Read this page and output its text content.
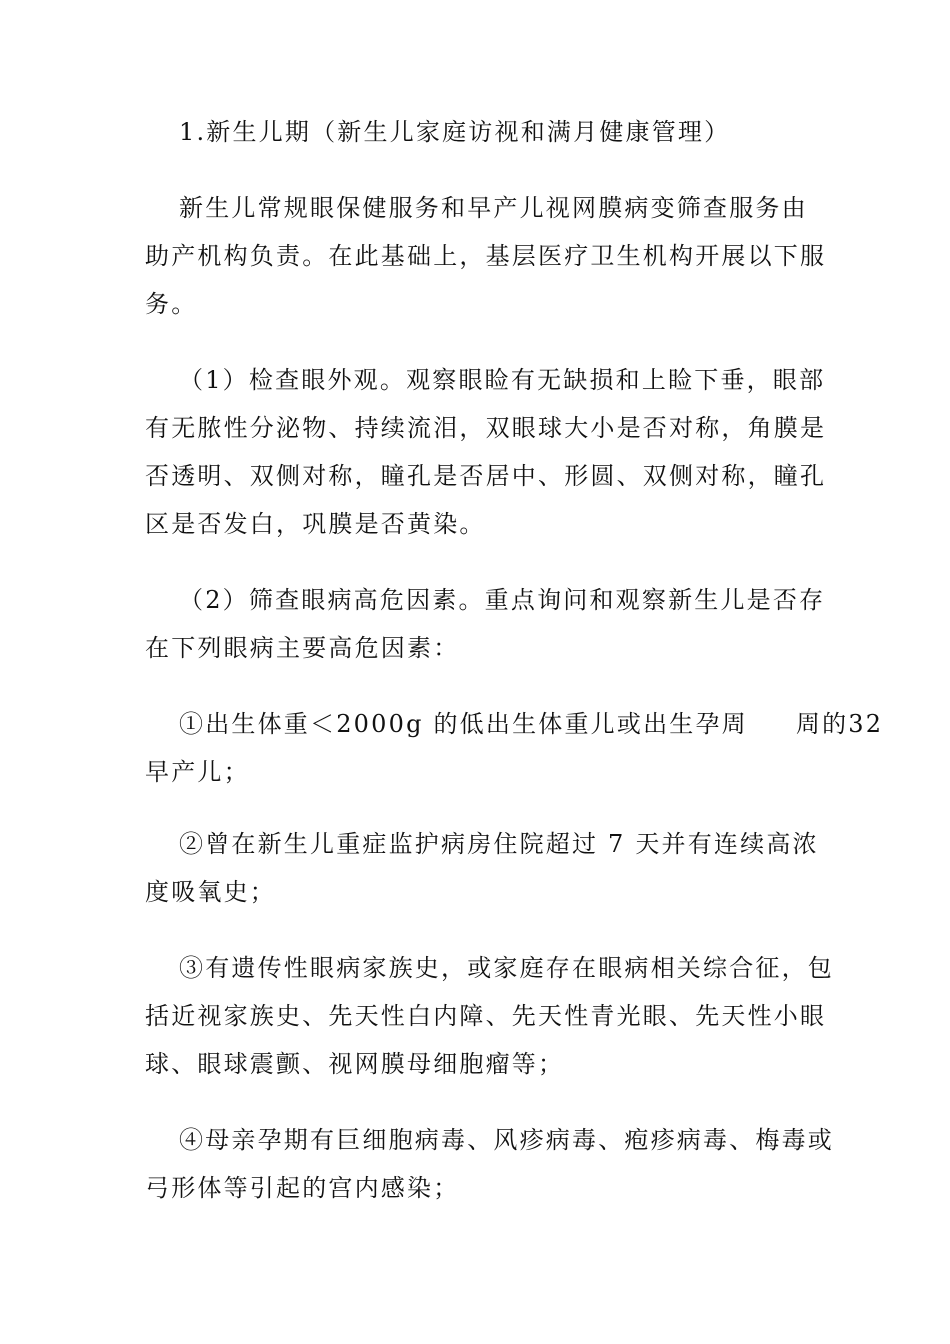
1.新生儿期（新生儿家庭访视和满月健康管理）
新生儿常规眼保健服务和早产儿视网膜病变筛查服务由
助产机构负责。在此基础上，基层医疗卫生机构开展以下服
务。
（1）检查眼外观。观察眼睑有无缺损和上睑下垂，眼部
有无脓性分泌物、持续流泪，双眼球大小是否对称，角膜是
否透明、双侧对称，瞳孔是否居中、形圆、双侧对称，瞳孔
区是否发白，巩膜是否黄染。
（2）筛查眼病高危因素。重点询问和观察新生儿是否存
在下列眼病主要高危因素：
①出生体重＜2000g 的低出生体重儿或出生孕周 周的32
早产儿；
②曾在新生儿重症监护病房住院超过 7 天并有连续高浓
度吸氧史；
③有遗传性眼病家族史，或家庭存在眼病相关综合征，包
括近视家族史、先天性白内障、先天性青光眼、先天性小眼
球、眼球震颤、视网膜母细胞瘤等；
④母亲孕期有巨细胞病毒、风疹病毒、疱疹病毒、梅毒或
弓形体等引起的宫内感染；
